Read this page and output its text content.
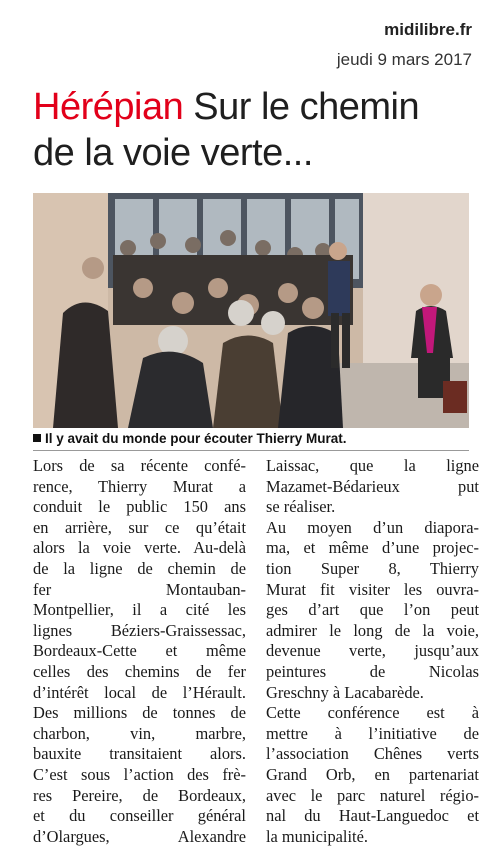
midilibre.fr
jeudi 9 mars 2017
Hérépian Sur le chemin
de la voie verte...
Il y avait du monde pour écouter Thierry Murat.

Lors de sa récente confé-
rence, Thierry Murat a
conduit le public 150 ans
en arrière, sur ce qu’était
alors la voie verte. Au-delà
de la ligne de chemin de
fer Montauban-
Montpellier, il a cité les
lignes Béziers-Graissessac,
Bordeaux-Cette et même
celles des chemins de fer
d’intérêt local de l’Hérault.
Des millions de tonnes de
charbon, vin, marbre,
bauxite transitaient alors.
C’est sous l’action des frè-
res Pereire, de Bordeaux,
et du conseiller général
d’Olargues, Alexandre

Laissac, que la ligne
Mazamet-Bédarieux put
se réaliser.

Au moyen d’un diapora-
ma, et même d’une projec-
tion Super 8, Thierry
Murat fit visiter les ouvra-
ges d’art que l’on peut
admirer le long de la voie,
devenue verte, jusqu’aux
peintures de Nicolas
Greschny à Lacabarède.

Cette conférence est à
mettre à l’initiative de
l’association Chênes verts
Grand Orb, en partenariat
avec le parc naturel régio-
nal du Haut-Languedoc et
la municipalité.
